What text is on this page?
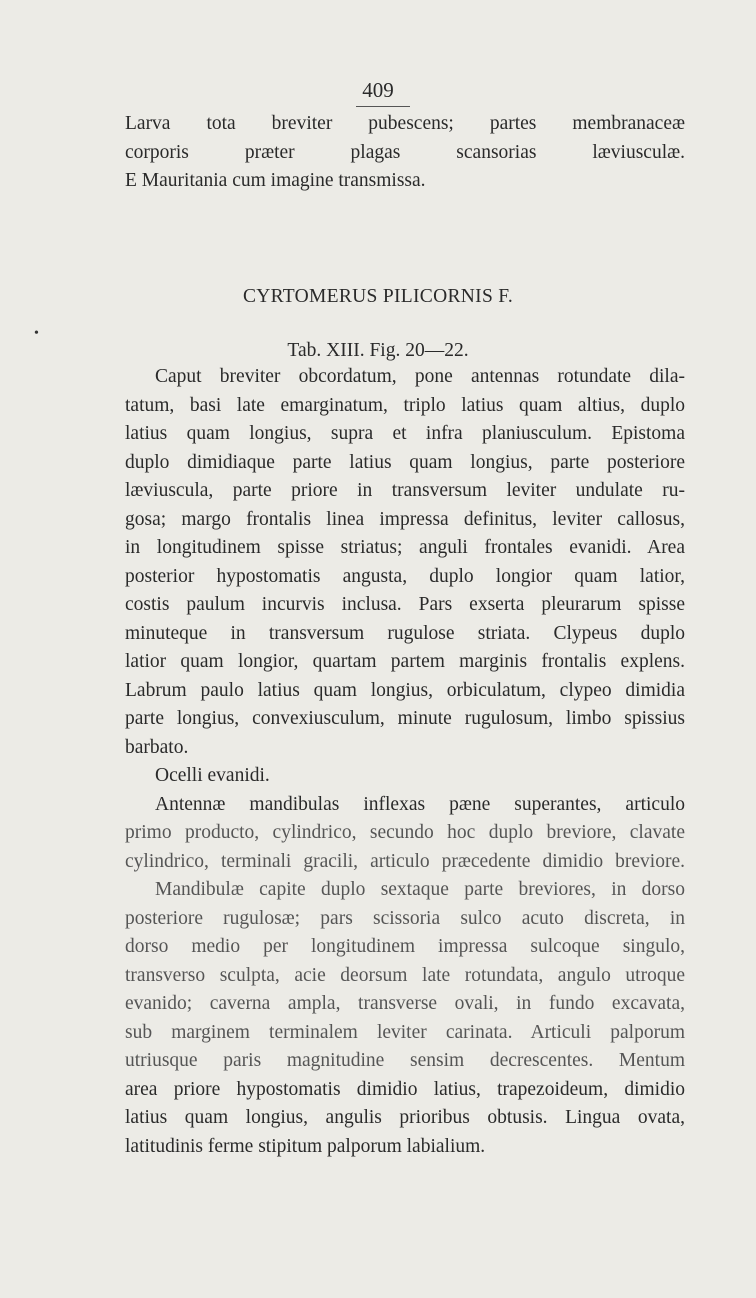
409
•
Larva tota breviter pubescens; partes membranaceæ
corporis præter plagas scansorias læviusculæ.
E Mauritania cum imagine transmissa.
CYRTOMERUS PILICORNIS F.
Tab. XIII. Fig. 20—22.
Caput breviter obcordatum, pone antennas rotundate dila-
tatum, basi late emarginatum, triplo latius quam altius, duplo
latius quam longius, supra et infra planiusculum. Epistoma
duplo dimidiaque parte latius quam longius, parte posteriore
læviuscula, parte priore in transversum leviter undulate ru-
gosa; margo frontalis linea impressa definitus, leviter callosus,
in longitudinem spisse striatus; anguli frontales evanidi. Area
posterior hypostomatis angusta, duplo longior quam latior,
costis paulum incurvis inclusa. Pars exserta pleurarum spisse
minuteque in transversum rugulose striata. Clypeus duplo
latior quam longior, quartam partem marginis frontalis explens.
Labrum paulo latius quam longius, orbiculatum, clypeo dimidia
parte longius, convexiusculum, minute rugulosum, limbo spissius
barbato.
Ocelli evanidi.
Antennæ mandibulas inflexas pæne superantes, articulo
primo producto, cylindrico, secundo hoc duplo breviore, clavate
cylindrico, terminali gracili, articulo præcedente dimidio breviore.
Mandibulæ capite duplo sextaque parte breviores, in dorso
posteriore rugulosæ; pars scissoria sulco acuto discreta, in
dorso medio per longitudinem impressa sulcoque singulo,
transverso sculpta, acie deorsum late rotundata, angulo utroque
evanido; caverna ampla, transverse ovali, in fundo excavata,
sub marginem terminalem leviter carinata. Articuli palporum
utriusque paris magnitudine sensim decrescentes. Mentum
area priore hypostomatis dimidio latius, trapezoideum, dimidio
latius quam longius, angulis prioribus obtusis. Lingua ovata,
latitudinis ferme stipitum palporum labialium.
